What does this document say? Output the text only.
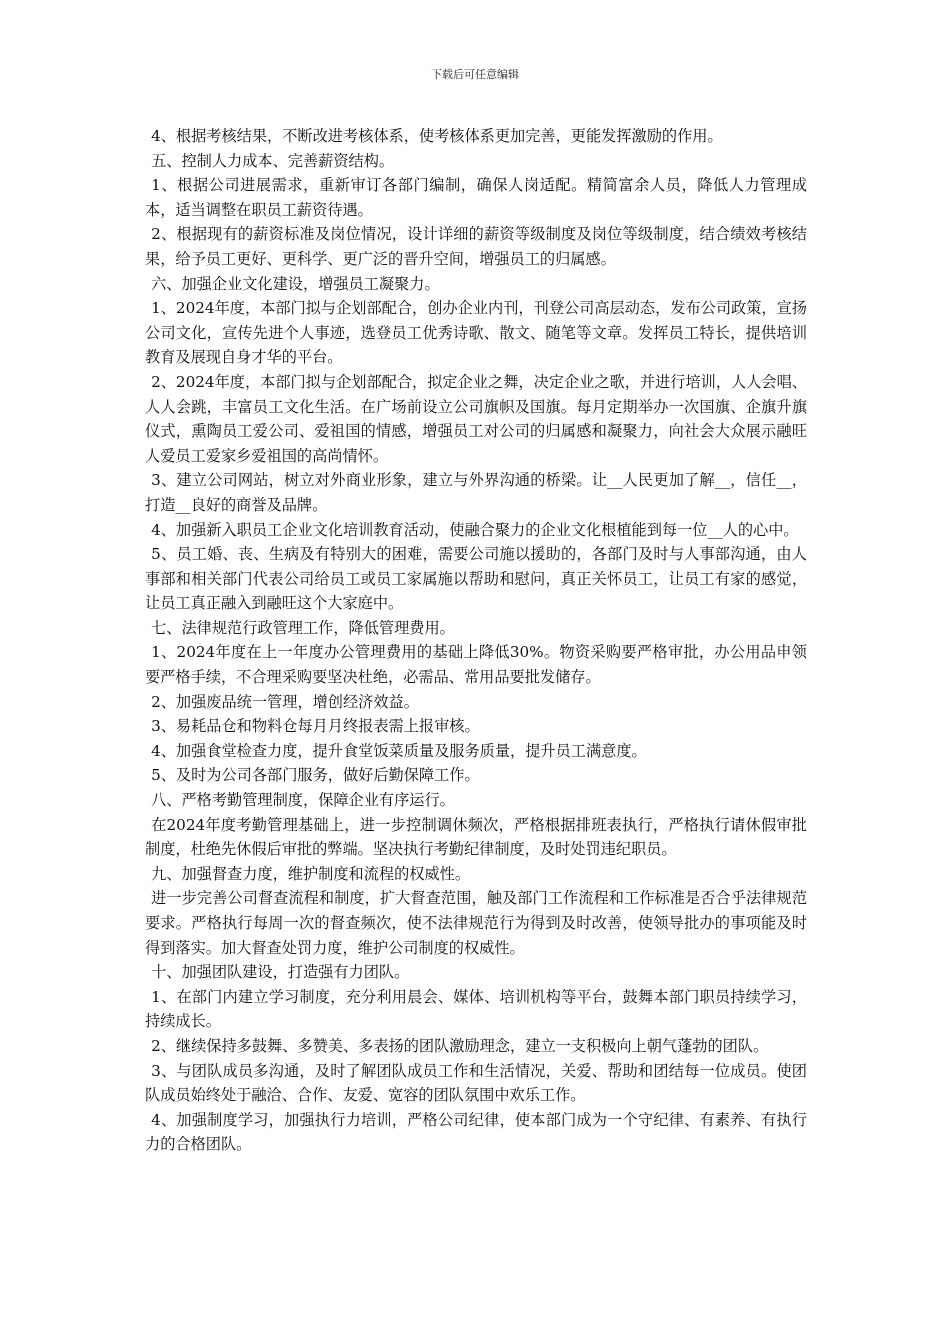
下载后可任意编辑

4、根据考核结果，不断改进考核体系，使考核体系更加完善，更能发挥激励的作用。

五、控制人力成本、完善薪资结构。

1、根据公司进展需求，重新审订各部门编制，确保人岗适配。精简富余人员，降低人力管理成本，适当调整在职员工薪资待遇。

2、根据现有的薪资标准及岗位情况，设计详细的薪资等级制度及岗位等级制度，结合绩效考核结果，给予员工更好、更科学、更广泛的晋升空间，增强员工的归属感。

六、加强企业文化建设，增强员工凝聚力。

1、2024年度，本部门拟与企划部配合，创办企业内刊，刊登公司高层动态，发布公司政策，宣扬公司文化，宣传先进个人事迹，选登员工优秀诗歌、散文、随笔等文章。发挥员工特长，提供培训教育及展现自身才华的平台。

2、2024年度，本部门拟与企划部配合，拟定企业之舞，决定企业之歌，并进行培训，人人会唱、人人会跳，丰富员工文化生活。在广场前设立公司旗帜及国旗。每月定期举办一次国旗、企旗升旗仪式，熏陶员工爱公司、爱祖国的情感，增强员工对公司的归属感和凝聚力，向社会大众展示融旺人爱员工爱家乡爱祖国的高尚情怀。

3、建立公司网站，树立对外商业形象，建立与外界沟通的桥梁。让__人民更加了解__，信任__，打造__良好的商誉及品牌。

4、加强新入职员工企业文化培训教育活动，使融合聚力的企业文化根植能到每一位__人的心中。

5、员工婚、丧、生病及有特别大的困难，需要公司施以援助的，各部门及时与人事部沟通，由人事部和相关部门代表公司给员工或员工家属施以帮助和慰问，真正关怀员工，让员工有家的感觉，让员工真正融入到融旺这个大家庭中。

七、法律规范行政管理工作，降低管理费用。

1、2024年度在上一年度办公管理费用的基础上降低30%。物资采购要严格审批，办公用品申领要严格手续，不合理采购要坚决杜绝，必需品、常用品要批发储存。

2、加强废品统一管理，增创经济效益。

3、易耗品仓和物料仓每月月终报表需上报审核。

4、加强食堂检查力度，提升食堂饭菜质量及服务质量，提升员工满意度。

5、及时为公司各部门服务，做好后勤保障工作。

八、严格考勤管理制度，保障企业有序运行。

在2024年度考勤管理基础上，进一步控制调休频次，严格根据排班表执行，严格执行请休假审批制度，杜绝先休假后审批的弊端。坚决执行考勤纪律制度，及时处罚违纪职员。

九、加强督查力度，维护制度和流程的权威性。

进一步完善公司督查流程和制度，扩大督查范围，触及部门工作流程和工作标准是否合乎法律规范要求。严格执行每周一次的督查频次，使不法律规范行为得到及时改善，使领导批办的事项能及时得到落实。加大督查处罚力度，维护公司制度的权威性。

十、加强团队建设，打造强有力团队。

1、在部门内建立学习制度，充分利用晨会、媒体、培训机构等平台，鼓舞本部门职员持续学习，持续成长。

2、继续保持多鼓舞、多赞美、多表扬的团队激励理念，建立一支积极向上朝气蓬勃的团队。

3、与团队成员多沟通，及时了解团队成员工作和生活情况，关爱、帮助和团结每一位成员。使团队成员始终处于融洽、合作、友爱、宽容的团队氛围中欢乐工作。

4、加强制度学习，加强执行力培训，严格公司纪律，使本部门成为一个守纪律、有素养、有执行力的合格团队。
